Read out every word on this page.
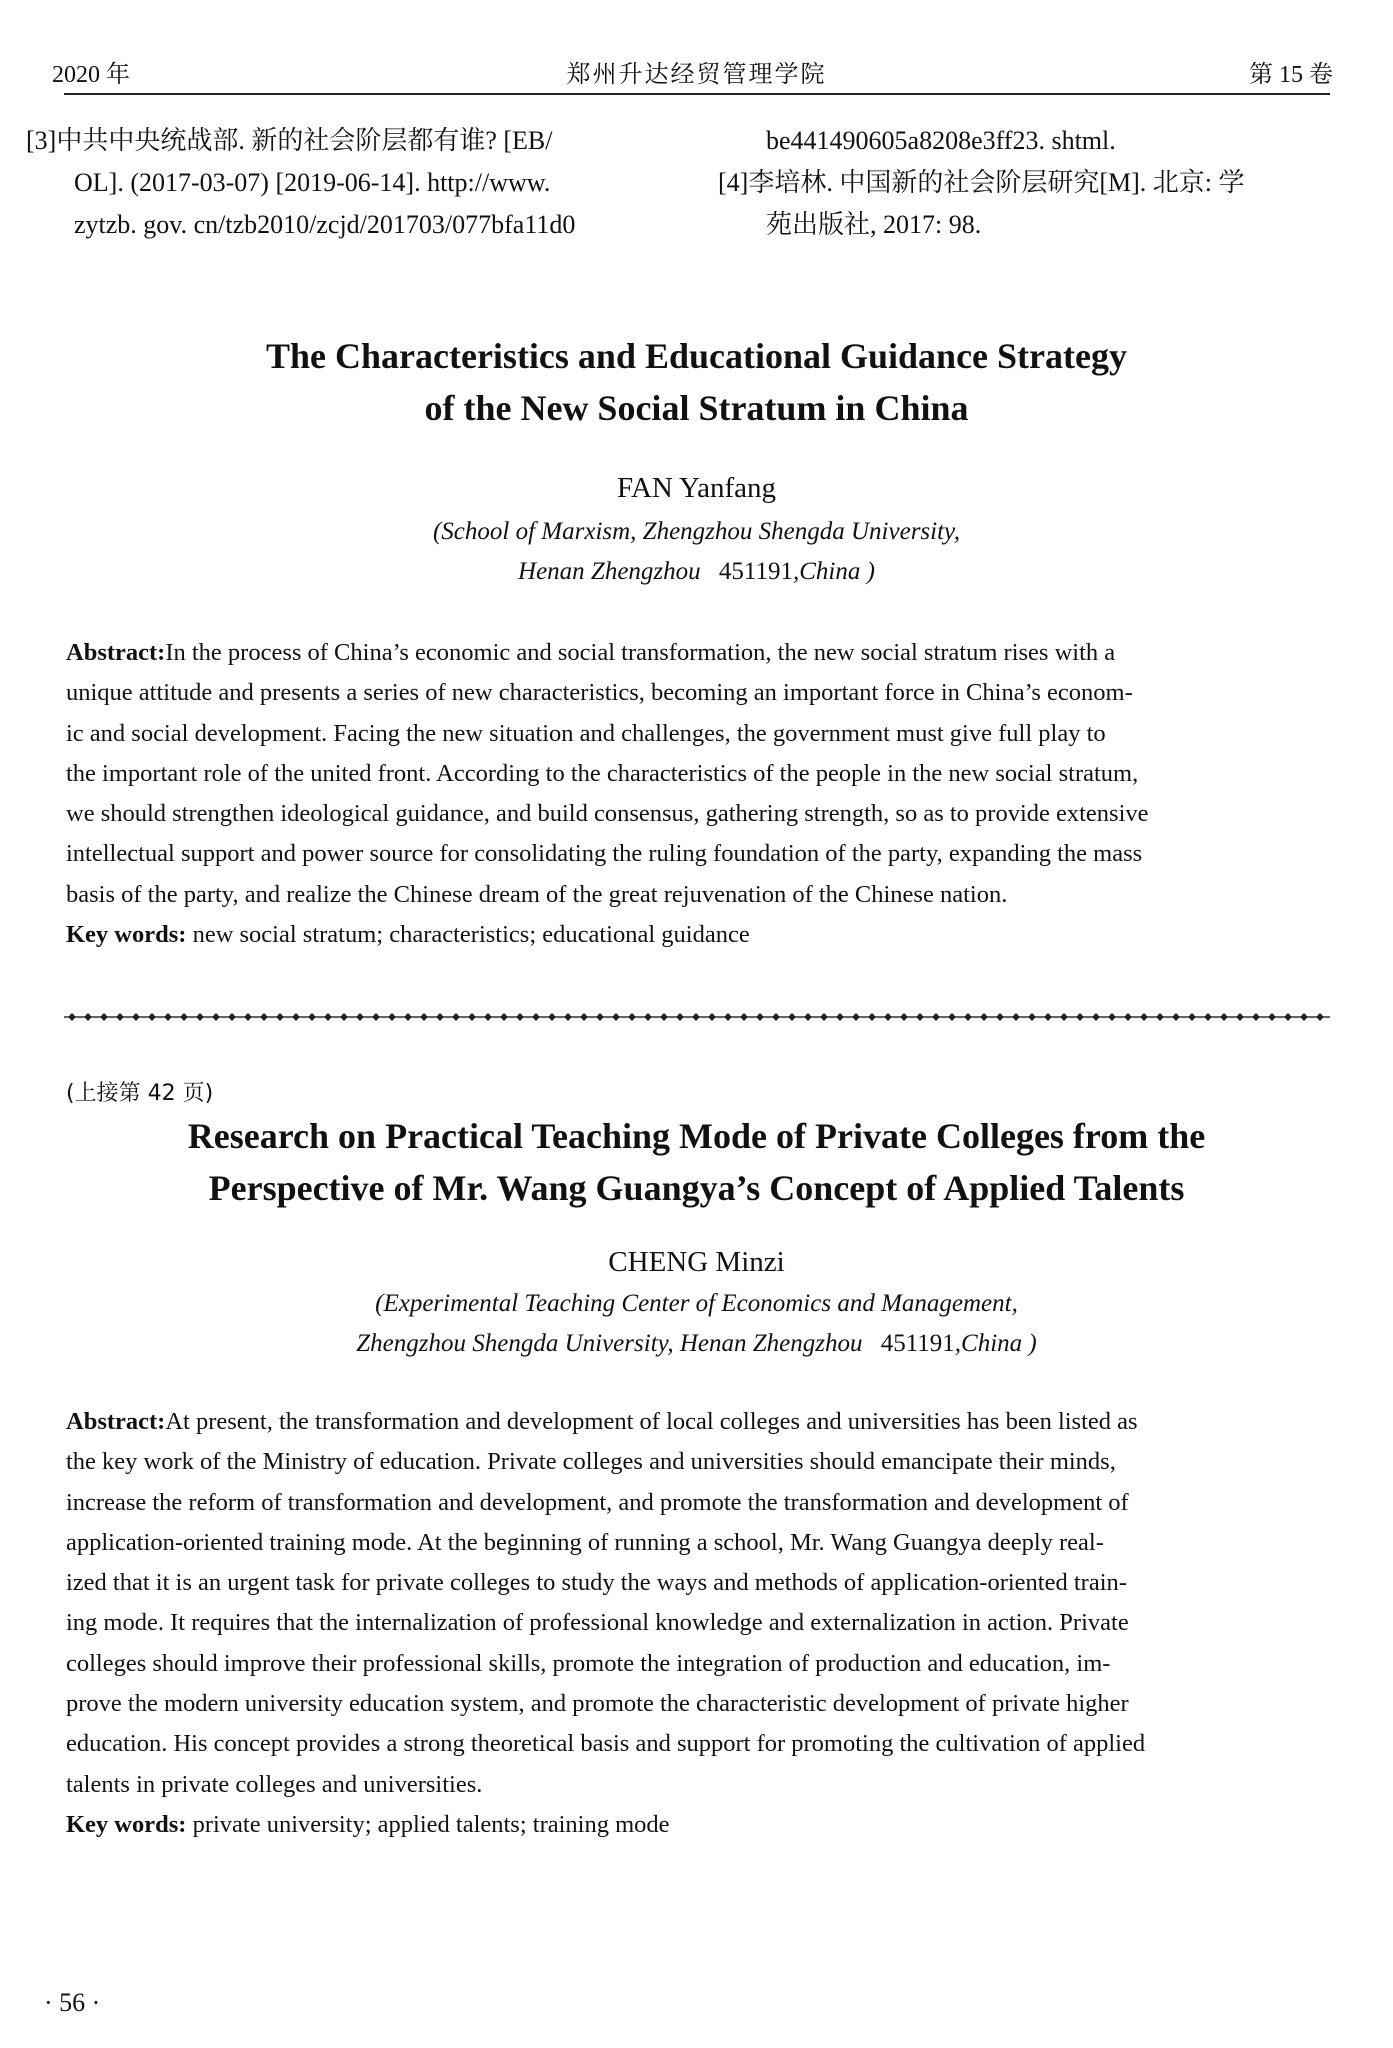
2020 年	郑州升达经贸管理学院	第 15 卷
[3]中共中央统战部. 新的社会阶层都有谁? [EB/
OL]. (2017-03-07) [2019-06-14]. http://www.
zytzb. gov. cn/tzb2010/zcjd/201703/077bfa11d0
be441490605a8208e3ff23. shtml.
[4]李培林. 中国新的社会阶层研究[M]. 北京: 学
苑出版社, 2017: 98.
The Characteristics and Educational Guidance Strategy
of the New Social Stratum in China
FAN Yanfang
(School of Marxism, Zhengzhou Shengda University,
Henan Zhengzhou 451191,China )
Abstract:In the process of China’s economic and social transformation, the new social stratum rises with a
unique attitude and presents a series of new characteristics, becoming an important force in China’s econom-
ic and social development. Facing the new situation and challenges, the government must give full play to
the important role of the united front. According to the characteristics of the people in the new social stratum,
we should strengthen ideological guidance, and build consensus, gathering strength, so as to provide extensive
intellectual support and power source for consolidating the ruling foundation of the party, expanding the mass
basis of the party, and realize the Chinese dream of the great rejuvenation of the Chinese nation.
Key words: new social stratum; characteristics; educational guidance
(上接第 42 页)
Research on Practical Teaching Mode of Private Colleges from the
Perspective of Mr. Wang Guangya’s Concept of Applied Talents
CHENG Minzi
(Experimental Teaching Center of Economics and Management,
Zhengzhou Shengda University, Henan Zhengzhou 451191,China )
Abstract:At present, the transformation and development of local colleges and universities has been listed as
the key work of the Ministry of education. Private colleges and universities should emancipate their minds,
increase the reform of transformation and development, and promote the transformation and development of
application-oriented training mode. At the beginning of running a school, Mr. Wang Guangya deeply real-
ized that it is an urgent task for private colleges to study the ways and methods of application-oriented train-
ing mode. It requires that the internalization of professional knowledge and externalization in action. Private
colleges should improve their professional skills, promote the integration of production and education, im-
prove the modern university education system, and promote the characteristic development of private higher
education. His concept provides a strong theoretical basis and support for promoting the cultivation of applied
talents in private colleges and universities.
Key words: private university; applied talents; training mode
· 56 ·
